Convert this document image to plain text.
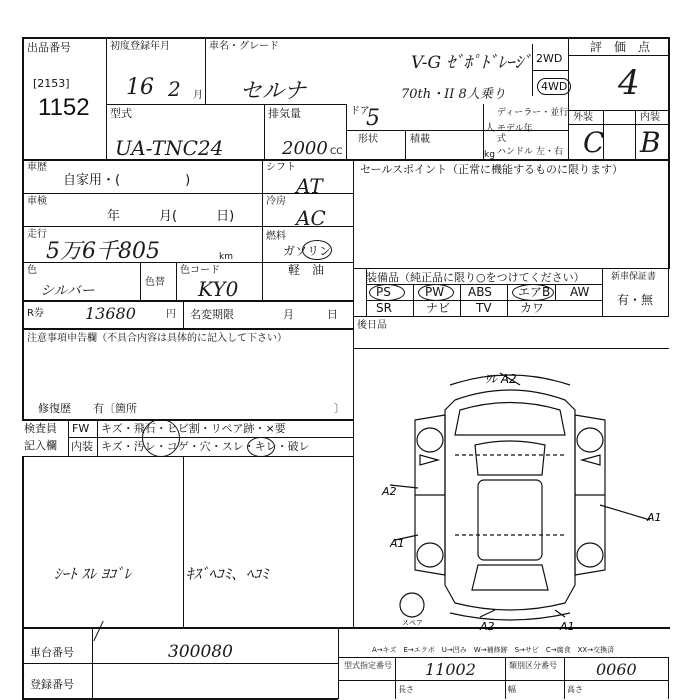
出品番号
[2153]
1152
初度登録年月	車名・グレード
V-G ｾﾞﾎﾟﾄﾞﾚｰｼﾞ
16 2 月 セルナ	70th・II 8人乗り
2WD
4WD
評　価　点
4
型式
UA-TNC24
排気量
2000 CC
ドア
5
形状	積載
人
kg
ディーラー・並行
モデル年式
ハンドル 左・右
外装	内装
C B
車歴
自家用・(　　　　　)
車検
年　　　月(　　　日)
走行
5万6千805	km
色
シルバー
色替
色コード
KY0
シフト
AT
冷房
AC
燃料
ガソリン
軽　油
R券	13680	円 名変期限	月　　　日
セールスポイント（正常に機能するものに限ります）
装備品（純正品に限り○をつけてください）
PS	PW ABS エアB AW
SR	ナビ TV カワ
新車保証書
有・無
後日品
注意事項申告欄（不具合内容は具体的に記入して下さい）
修復歴　　有〔箇所	〕
検査員
記入欄
FW キズ・飛石・ヒビ割・リペア跡・×要
内装 キズ・汚レ・コゲ・穴・スレ・キレ・破レ
ｼｰﾄ ｽﾚ ﾖｺﾞﾚ	ｷｽﾞﾍｺﾐ、ﾍｺﾐ
ﾜﾚ A2
A2
A1
A1
A2	A1
スペア
A→キズ　E→エクボ　U→凹み　W→補修跡　S→サビ　C→腐食　XX→交換済
車台番号	300080
登録番号
型式指定番号 11002	類別区分番号 0060
長さ	幅	高さ
